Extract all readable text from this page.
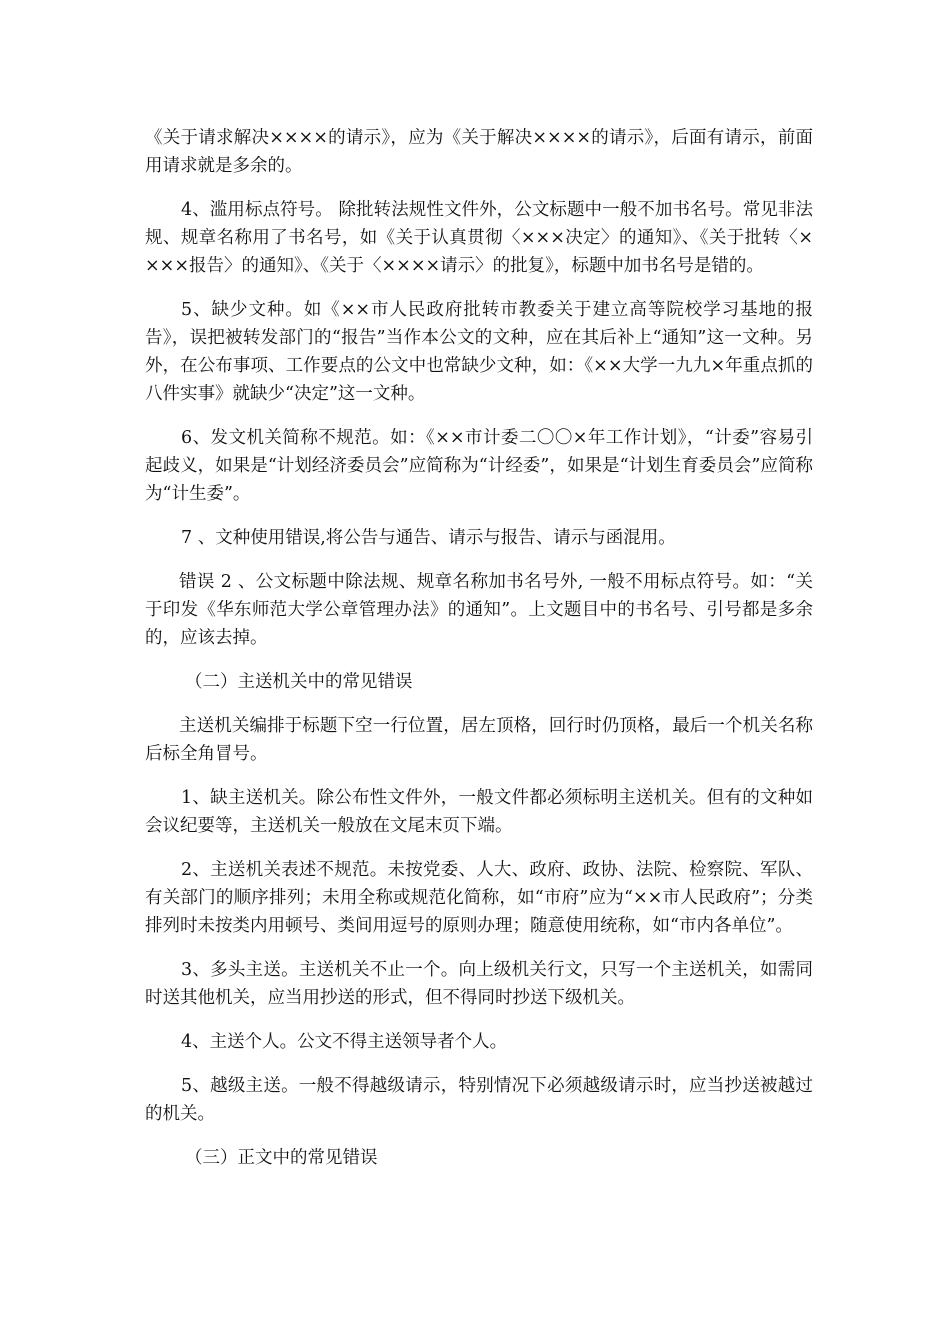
《关于请求解决××××的请示》，应为《关于解决××××的请示》，后面有请示，前面用请求就是多余的。

4、滥用标点符号。 除批转法规性文件外，公文标题中一般不加书名号。常见非法规、规章名称用了书名号，如《关于认真贯彻〈×××决定〉的通知》、《关于批转〈××××报告〉的通知》、《关于〈××××请示〉的批复》，标题中加书名号是错的。

5、缺少文种。如《××市人民政府批转市教委关于建立高等院校学习基地的报告》，误把被转发部门的“报告”当作本公文的文种，应在其后补上“通知”这一文种。另外，在公布事项、工作要点的公文中也常缺少文种，如：《××大学一九九×年重点抓的八件实事》就缺少“决定”这一文种。

6、发文机关简称不规范。如：《××市计委二〇〇×年工作计划》，“计委”容易引起歧义，如果是“计划经济委员会”应简称为“计经委”，如果是“计划生育委员会”应简称为“计生委”。

7 、文种使用错误,将公告与通告、请示与报告、请示与函混用。

错误 2 、公文标题中除法规、规章名称加书名号外, 一般不用标点符号。如：“关于印发《华东师范大学公章管理办法》的通知”。上文题目中的书名号、引号都是多余的，应该去掉。

（二）主送机关中的常见错误

主送机关编排于标题下空一行位置，居左顶格，回行时仍顶格，最后一个机关名称后标全角冒号。

1、缺主送机关。除公布性文件外，一般文件都必须标明主送机关。但有的文种如会议纪要等，主送机关一般放在文尾末页下端。

2、主送机关表述不规范。未按党委、人大、政府、政协、法院、检察院、军队、有关部门的顺序排列；未用全称或规范化简称，如“市府”应为“××市人民政府”；分类排列时未按类内用顿号、类间用逗号的原则办理；随意使用统称，如“市内各单位”。

3、多头主送。主送机关不止一个。向上级机关行文，只写一个主送机关，如需同时送其他机关，应当用抄送的形式，但不得同时抄送下级机关。

4、主送个人。公文不得主送领导者个人。

5、越级主送。一般不得越级请示，特别情况下必须越级请示时，应当抄送被越过的机关。

（三）正文中的常见错误
